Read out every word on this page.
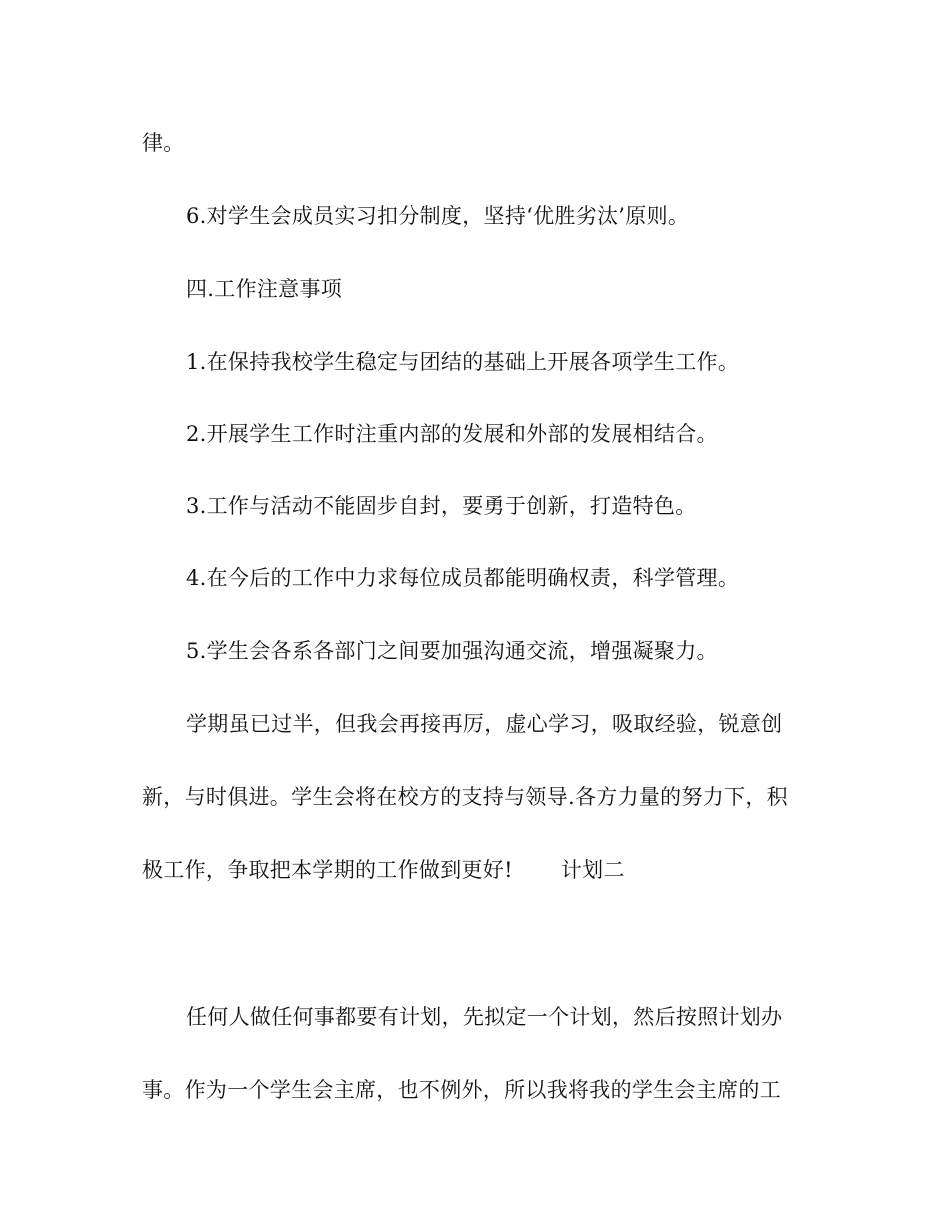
律。
6.对学生会成员实习扣分制度，坚持‘优胜劣汰’原则。
四.工作注意事项
1.在保持我校学生稳定与团结的基础上开展各项学生工作。
2.开展学生工作时注重内部的发展和外部的发展相结合。
3.工作与活动不能固步自封，要勇于创新，打造特色。
4.在今后的工作中力求每位成员都能明确权责，科学管理。
5.学生会各系各部门之间要加强沟通交流，增强凝聚力。
学期虽已过半，但我会再接再厉，虚心学习，吸取经验，锐意创
新，与时俱进。学生会将在校方的支持与领导.各方力量的努力下，积
极工作，争取把本学期的工作做到更好! 计划二
任何人做任何事都要有计划，先拟定一个计划，然后按照计划办
事。作为一个学生会主席，也不例外，所以我将我的学生会主席的工
